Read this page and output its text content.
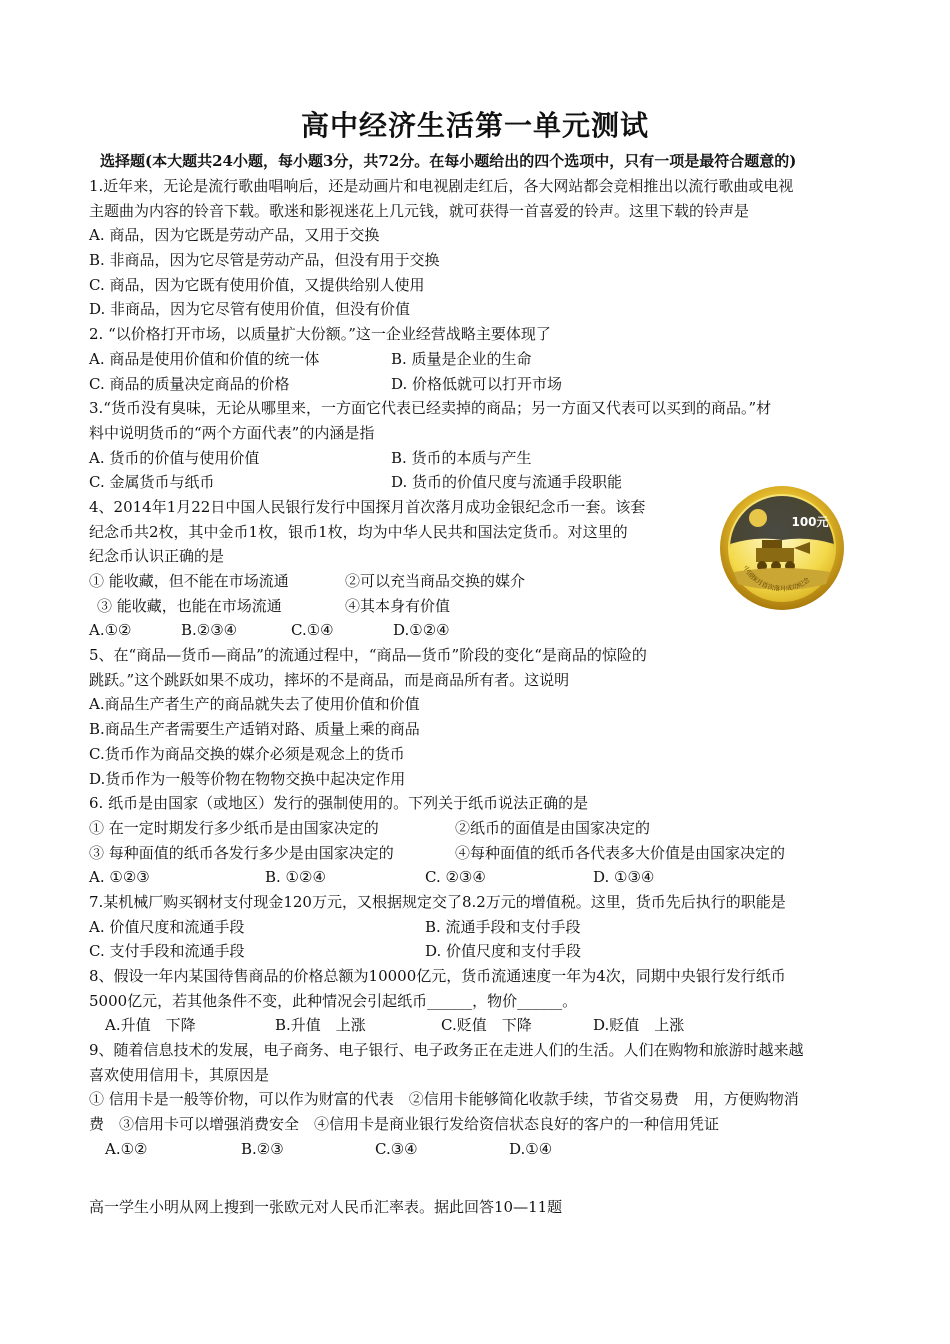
高中经济生活第一单元测试
选择题(本大题共24小题，每小题3分，共72分。在每小题给出的四个选项中，只有一项是最符合题意的)
1.近年来，无论是流行歌曲唱响后，还是动画片和电视剧走红后，各大网站都会竞相推出以流行歌曲或电视
主题曲为内容的铃音下载。歌迷和影视迷花上几元钱，就可获得一首喜爱的铃声。这里下载的铃声是
A. 商品，因为它既是劳动产品，又用于交换
B. 非商品，因为它尽管是劳动产品，但没有用于交换
C. 商品，因为它既有使用价值，又提供给别人使用
D. 非商品，因为它尽管有使用价值，但没有价值
2. “以价格打开市场，以质量扩大份额。”这一企业经营战略主要体现了
A. 商品是使用价值和价值的统一体	B. 质量是企业的生命
C. 商品的质量决定商品的价格	D. 价格低就可以打开市场
3.“货币没有臭味，无论从哪里来，一方面它代表已经卖掉的商品；另一方面又代表可以买到的商品。”材
料中说明货币的“两个方面代表”的内涵是指
A. 货币的价值与使用价值	B. 货币的本质与产生
C. 金属货币与纸币	D. 货币的价值尺度与流通手段职能
4、2014年1月22日中国人民银行发行中国探月首次落月成功金银纪念币一套。该套
纪念币共2枚，其中金币1枚，银币1枚，均为中华人民共和国法定货币。对这里的
纪念币认识正确的是
① 能收藏，但不能在市场流通	②可以充当商品交换的媒介
③ 能收藏，也能在市场流通	④其本身有价值
A.①②	B.②③④	C.①④	D.①②④
5、在“商品—货币—商品”的流通过程中，“商品—货币”阶段的变化“是商品的惊险的
跳跃。”这个跳跃如果不成功，摔坏的不是商品，而是商品所有者。这说明
A.商品生产者生产的商品就失去了使用价值和价值
B.商品生产者需要生产适销对路、质量上乘的商品
C.货币作为商品交换的媒介必须是观念上的货币
D.货币作为一般等价物在物物交换中起决定作用
6. 纸币是由国家（或地区）发行的强制使用的。下列关于纸币说法正确的是
① 在一定时期发行多少纸币是由国家决定的	②纸币的面值是由国家决定的
③ 每种面值的纸币各发行多少是由国家决定的	④每种面值的纸币各代表多大价值是由国家决定的
A. ①②③	B. ①②④	C. ②③④	D. ①③④
7.某机械厂购买钢材支付现金120万元，又根据规定交了8.2万元的增值税。这里，货币先后执行的职能是
A. 价值尺度和流通手段	B. 流通手段和支付手段
C. 支付手段和流通手段	D. 价值尺度和支付手段
8、假设一年内某国待售商品的价格总额为10000亿元，货币流通速度一年为4次，同期中央银行发行纸币
5000亿元，若其他条件不变，此种情况会引起纸币______，物价______。
A.升值　下降	B.升值　上涨	C.贬值　下降	D.贬值　上涨
9、随着信息技术的发展，电子商务、电子银行、电子政务正在走进人们的生活。人们在购物和旅游时越来越
喜欢使用信用卡，其原因是
① 信用卡是一般等价物，可以作为财富的代表　②信用卡能够简化收款手续，节省交易费　用，方便购物消
费　③信用卡可以增强消费安全　④信用卡是商业银行发给资信状态良好的客户的一种信用凭证
A.①②	B.②③	C.③④	D.①④
100元
中国探月首次落月成功纪念
高一学生小明从网上搜到一张欧元对人民币汇率表。据此回答10—11题
